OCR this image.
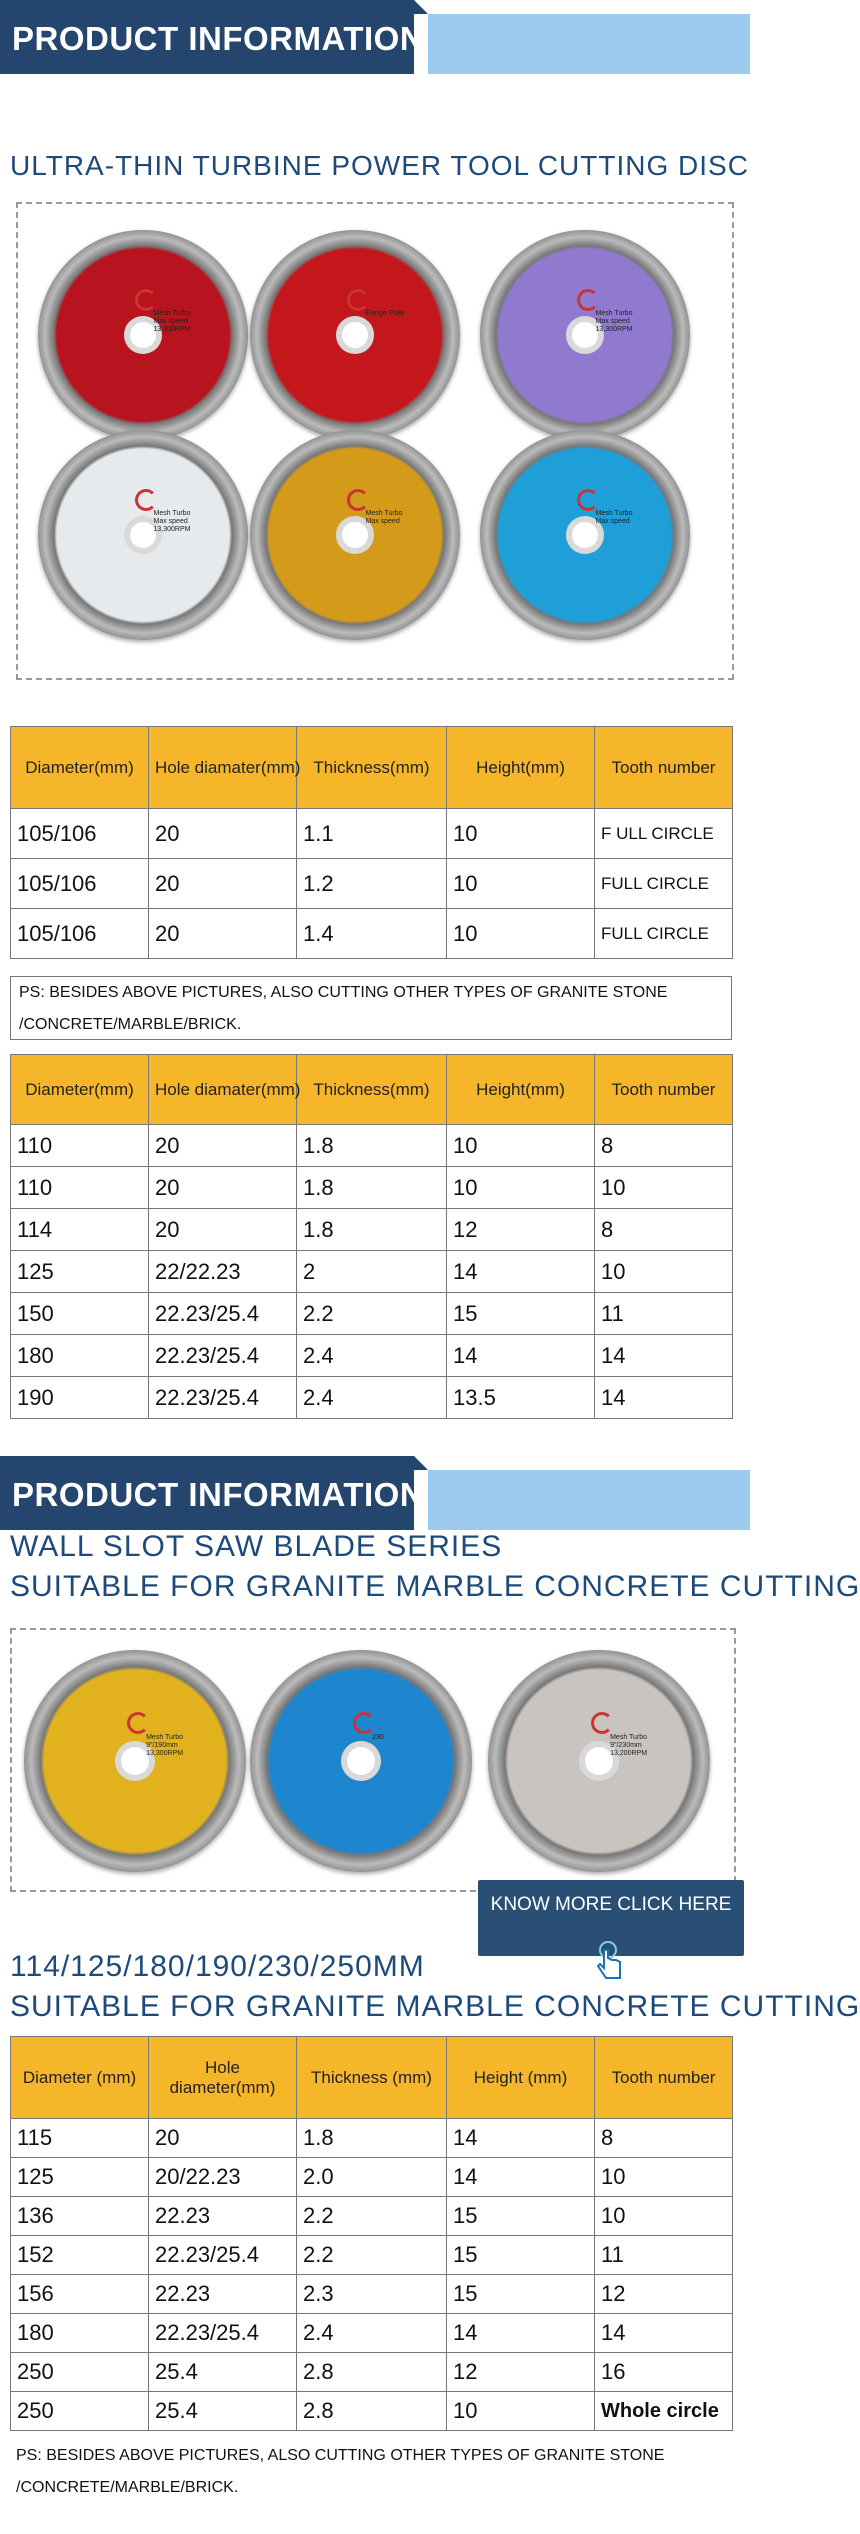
PRODUCT INFORMATION
ULTRA-THIN TURBINE POWER TOOL CUTTING DISC
Mesh Turbo
Max speed
13,300RPM
Flange Plate	Mesh Turbo
Max speed
13,300RPM
Mesh Turbo
Max speed
13,300RPM
Mesh Turbo
Max speed
Mesh Turbo
Max speed
Diameter(mm)	Hole diamater(mm)	Thickness(mm)	Height(mm)	Tooth number
105/106	20	1.1	10	F ULL CIRCLE
105/106	20	1.2	10	FULL CIRCLE
105/106	20	1.4	10	FULL CIRCLE
PS: BESIDES ABOVE PICTURES, ALSO CUTTING OTHER TYPES OF GRANITE STONE
/CONCRETE/MARBLE/BRICK.
Diameter(mm)	Hole diamater(mm)	Thickness(mm)	Height(mm)	Tooth number
110	20	1.8	10	8
110	20	1.8	10	10
114	20	1.8	12	8
125	22/22.23	2	14	10
150	22.23/25.4	2.2	15	11
180	22.23/25.4	2.4	14	14
190	22.23/25.4	2.4	13.5	14
PRODUCT INFORMATION
WALL SLOT SAW BLADE SERIES
SUITABLE FOR GRANITE MARBLE CONCRETE CUTTING
Mesh Turbo
9"/190mm
13,300RPM
230	Mesh Turbo
9"/230mm
13,200RPM
KNOW MORE CLICK HERE
114/125/180/190/230/250MM
SUITABLE FOR GRANITE MARBLE CONCRETE CUTTING
Diameter (mm)	Hole diameter(mm)	Thickness (mm)	Height (mm)	Tooth number
115	20	1.8	14	8
125	20/22.23	2.0	14	10
136	22.23	2.2	15	10
152	22.23/25.4	2.2	15	11
156	22.23	2.3	15	12
180	22.23/25.4	2.4	14	14
250	25.4	2.8	12	16
250	25.4	2.8	10	Whole circle
PS: BESIDES ABOVE PICTURES, ALSO CUTTING OTHER TYPES OF GRANITE STONE
/CONCRETE/MARBLE/BRICK.
